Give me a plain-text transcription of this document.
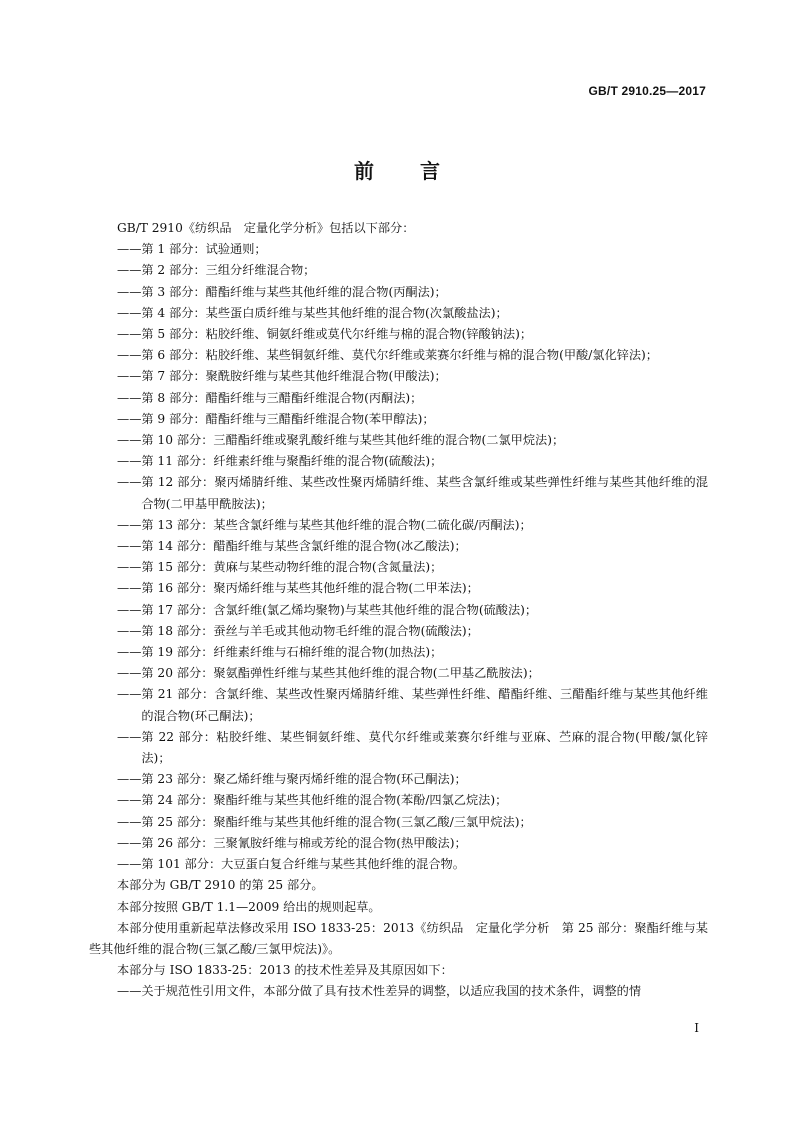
GB/T 2910.25—2017
前言

GB/T 2910《纺织品　定量化学分析》包括以下部分：

—— 第 1 部分：试验通则；
—— 第 2 部分：三组分纤维混合物；
—— 第 3 部分：醋酯纤维与某些其他纤维的混合物(丙酮法)；
—— 第 4 部分：某些蛋白质纤维与某些其他纤维的混合物(次氯酸盐法)；
—— 第 5 部分：粘胶纤维、铜氨纤维或莫代尔纤维与棉的混合物(锌酸钠法)；
—— 第 6 部分：粘胶纤维、某些铜氨纤维、莫代尔纤维或莱赛尔纤维与棉的混合物(甲酸/氯化锌法)；
—— 第 7 部分：聚酰胺纤维与某些其他纤维混合物(甲酸法)；
—— 第 8 部分：醋酯纤维与三醋酯纤维混合物(丙酮法)；
—— 第 9 部分：醋酯纤维与三醋酯纤维混合物(苯甲醇法)；
—— 第 10 部分：三醋酯纤维或聚乳酸纤维与某些其他纤维的混合物(二氯甲烷法)；
—— 第 11 部分：纤维素纤维与聚酯纤维的混合物(硫酸法)；
—— 第 12 部分：聚丙烯腈纤维、某些改性聚丙烯腈纤维、某些含氯纤维或某些弹性纤维与某些其他纤维的混合物(二甲基甲酰胺法)；
—— 第 13 部分：某些含氯纤维与某些其他纤维的混合物(二硫化碳/丙酮法)；
—— 第 14 部分：醋酯纤维与某些含氯纤维的混合物(冰乙酸法)；
—— 第 15 部分：黄麻与某些动物纤维的混合物(含氮量法)；
—— 第 16 部分：聚丙烯纤维与某些其他纤维的混合物(二甲苯法)；
—— 第 17 部分：含氯纤维(氯乙烯均聚物)与某些其他纤维的混合物(硫酸法)；
—— 第 18 部分：蚕丝与羊毛或其他动物毛纤维的混合物(硫酸法)；
—— 第 19 部分：纤维素纤维与石棉纤维的混合物(加热法)；
—— 第 20 部分：聚氨酯弹性纤维与某些其他纤维的混合物(二甲基乙酰胺法)；
—— 第 21 部分：含氯纤维、某些改性聚丙烯腈纤维、某些弹性纤维、醋酯纤维、三醋酯纤维与某些其他纤维的混合物(环己酮法)；
—— 第 22 部分：粘胶纤维、某些铜氨纤维、莫代尔纤维或莱赛尔纤维与亚麻、苎麻的混合物(甲酸/氯化锌法)；
—— 第 23 部分：聚乙烯纤维与聚丙烯纤维的混合物(环己酮法)；
—— 第 24 部分：聚酯纤维与某些其他纤维的混合物(苯酚/四氯乙烷法)；
—— 第 25 部分：聚酯纤维与某些其他纤维的混合物(三氯乙酸/三氯甲烷法)；
—— 第 26 部分：三聚氰胺纤维与棉或芳纶的混合物(热甲酸法)；
—— 第 101 部分：大豆蛋白复合纤维与某些其他纤维的混合物。

本部分为 GB/T 2910 的第 25 部分。

本部分按照 GB/T 1.1—2009 给出的规则起草。

本部分使用重新起草法修改采用 ISO 1833-25：2013《纺织品　定量化学分析　第 25 部分：聚酯纤维与某些其他纤维的混合物(三氯乙酸/三氯甲烷法)》。

本部分与 ISO 1833-25：2013 的技术性差异及其原因如下：

—— 关于规范性引用文件，本部分做了具有技术性差异的调整，以适应我国的技术条件，调整的情
I
